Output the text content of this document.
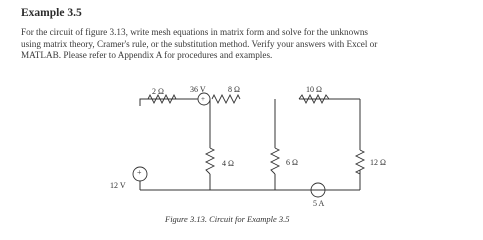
Example 3.5
For the circuit of figure 3.13, write mesh equations in matrix form and solve for the unknowns
using matrix theory, Cramer's rule, or the substitution method. Verify your answers with Excel or
MATLAB. Please refer to Appendix A for procedures and examples.
2 Ω	36 V	8 Ω	10 Ω
4 Ω	6 Ω	12 Ω
12 V
5 A
+
+
Figure 3.13. Circuit for Example 3.5
